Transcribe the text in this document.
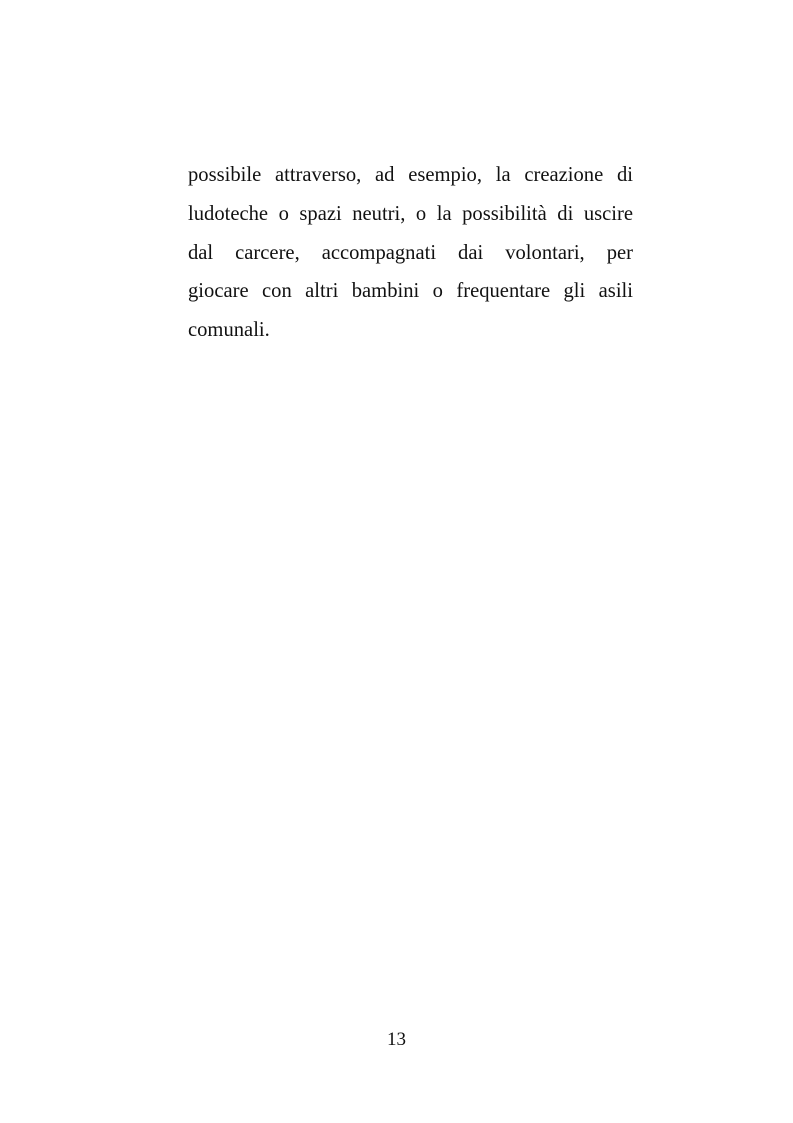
possibile attraverso, ad esempio, la creazione di
ludoteche o spazi neutri, o la possibilità di uscire
dal carcere, accompagnati dai volontari, per
giocare con altri bambini o frequentare gli asili
comunali.

13
